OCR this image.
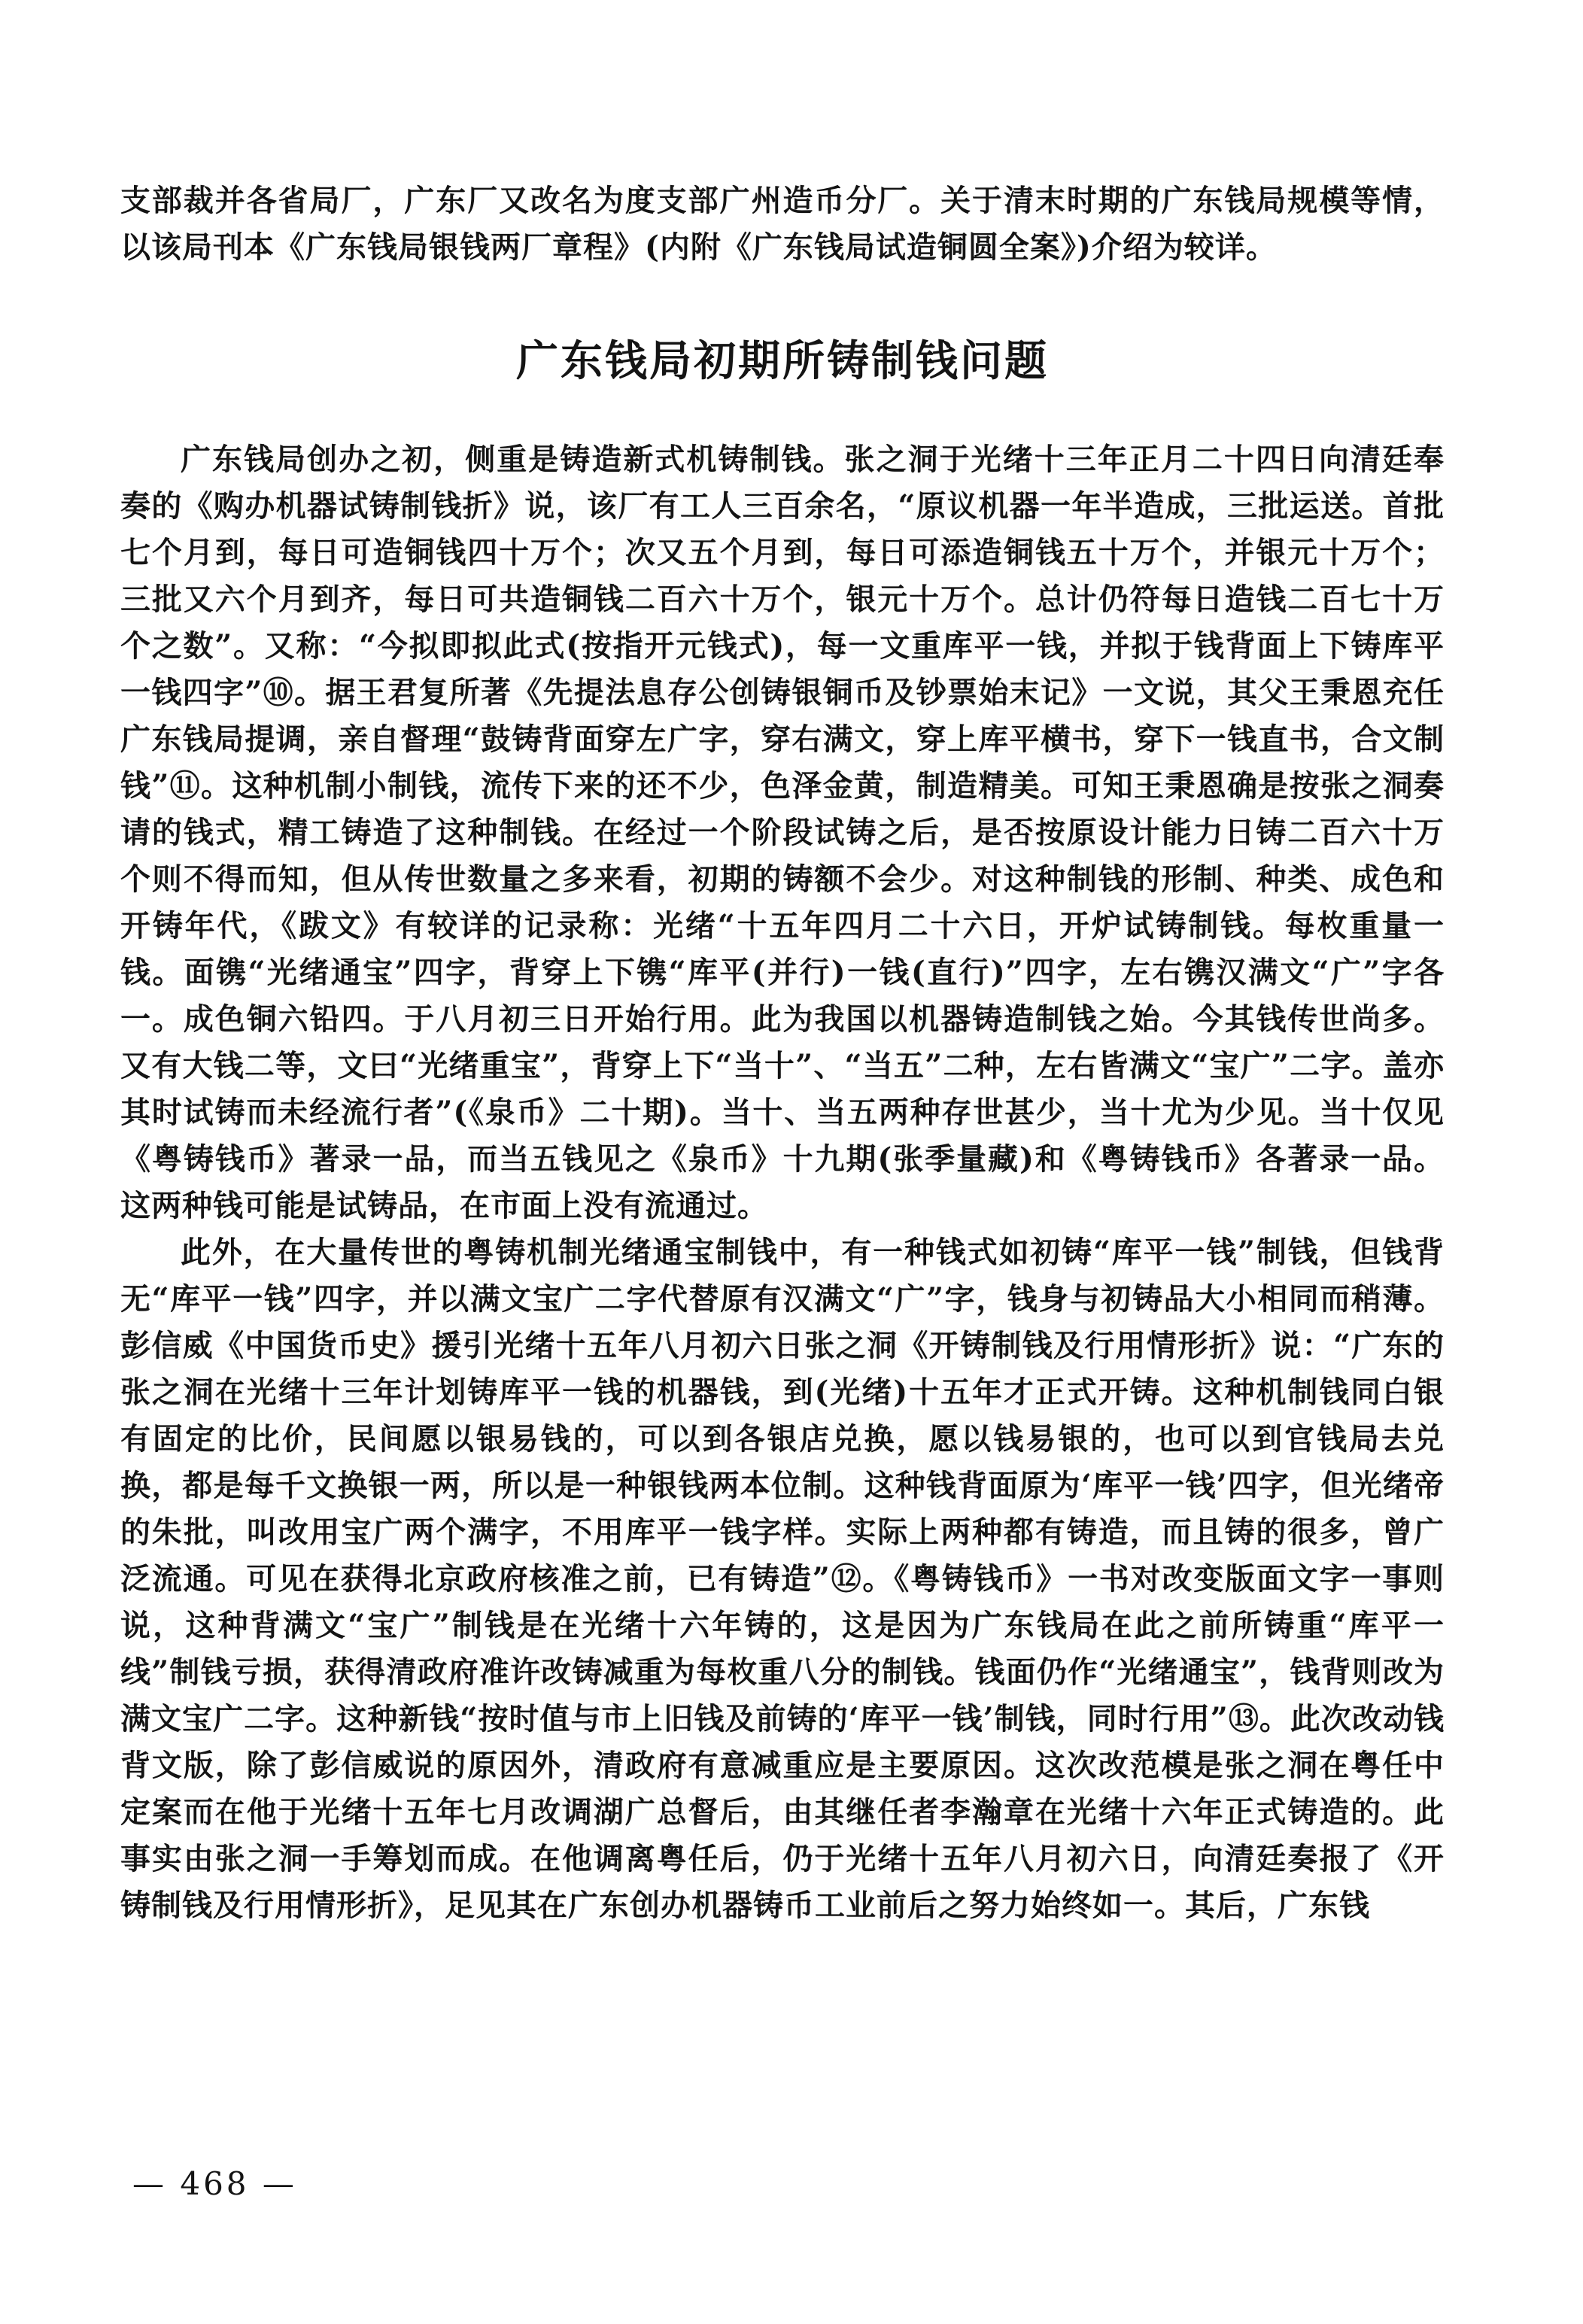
支部裁并各省局厂，广东厂又改名为度支部广州造币分厂。关于清末时期的广东钱局规模等情，以该局刊本《广东钱局银钱两厂章程》(内附《广东钱局试造铜圆全案》)介绍为较详。

广东钱局初期所铸制钱问题

广东钱局创办之初，侧重是铸造新式机铸制钱。张之洞于光绪十三年正月二十四日向清廷奉奏的《购办机器试铸制钱折》说，该厂有工人三百余名，“原议机器一年半造成，三批运送。首批七个月到，每日可造铜钱四十万个；次又五个月到，每日可添造铜钱五十万个，并银元十万个；三批又六个月到齐，每日可共造铜钱二百六十万个，银元十万个。总计仍符每日造钱二百七十万个之数”。又称：“今拟即拟此式(按指开元钱式)，每一文重库平一钱，并拟于钱背面上下铸库平一钱四字”⑩。据王君复所著《先提法息存公创铸银铜币及钞票始末记》一文说，其父王秉恩充任广东钱局提调，亲自督理“鼓铸背面穿左广字，穿右满文，穿上库平横书，穿下一钱直书，合文制钱”⑪。这种机制小制钱，流传下来的还不少，色泽金黄，制造精美。可知王秉恩确是按张之洞奏请的钱式，精工铸造了这种制钱。在经过一个阶段试铸之后，是否按原设计能力日铸二百六十万个则不得而知，但从传世数量之多来看，初期的铸额不会少。对这种制钱的形制、种类、成色和开铸年代，《跋文》有较详的记录称：光绪“十五年四月二十六日，开炉试铸制钱。每枚重量一钱。面镌“光绪通宝”四字，背穿上下镌“库平(并行)一钱(直行)”四字，左右镌汉满文“广”字各一。成色铜六铅四。于八月初三日开始行用。此为我国以机器铸造制钱之始。今其钱传世尚多。又有大钱二等，文曰“光绪重宝”，背穿上下“当十”、“当五”二种，左右皆满文“宝广”二字。盖亦其时试铸而未经流行者”(《泉币》二十期)。当十、当五两种存世甚少，当十尤为少见。当十仅见《粤铸钱币》著录一品，而当五钱见之《泉币》十九期(张季量藏)和《粤铸钱币》各著录一品。这两种钱可能是试铸品，在市面上没有流通过。

此外，在大量传世的粤铸机制光绪通宝制钱中，有一种钱式如初铸“库平一钱”制钱，但钱背无“库平一钱”四字，并以满文宝广二字代替原有汉满文“广”字，钱身与初铸品大小相同而稍薄。彭信威《中国货币史》援引光绪十五年八月初六日张之洞《开铸制钱及行用情形折》说：“广东的张之洞在光绪十三年计划铸库平一钱的机器钱，到(光绪)十五年才正式开铸。这种机制钱同白银有固定的比价，民间愿以银易钱的，可以到各银店兑换，愿以钱易银的，也可以到官钱局去兑换，都是每千文换银一两，所以是一种银钱两本位制。这种钱背面原为‘库平一钱’四字，但光绪帝的朱批，叫改用宝广两个满字，不用库平一钱字样。实际上两种都有铸造，而且铸的很多，曾广泛流通。可见在获得北京政府核准之前，已有铸造”⑫。《粤铸钱币》一书对改变版面文字一事则说，这种背满文“宝广”制钱是在光绪十六年铸的，这是因为广东钱局在此之前所铸重“库平一线”制钱亏损，获得清政府准许改铸减重为每枚重八分的制钱。钱面仍作“光绪通宝”，钱背则改为满文宝广二字。这种新钱“按时值与市上旧钱及前铸的‘库平一钱’制钱，同时行用”⑬。此次改动钱背文版，除了彭信威说的原因外，清政府有意减重应是主要原因。这次改范模是张之洞在粤任中定案而在他于光绪十五年七月改调湖广总督后，由其继任者李瀚章在光绪十六年正式铸造的。此事实由张之洞一手筹划而成。在他调离粤任后，仍于光绪十五年八月初六日，向清廷奏报了《开铸制钱及行用情形折》，足见其在广东创办机器铸币工业前后之努力始终如一。其后，广东钱

— 468 —
